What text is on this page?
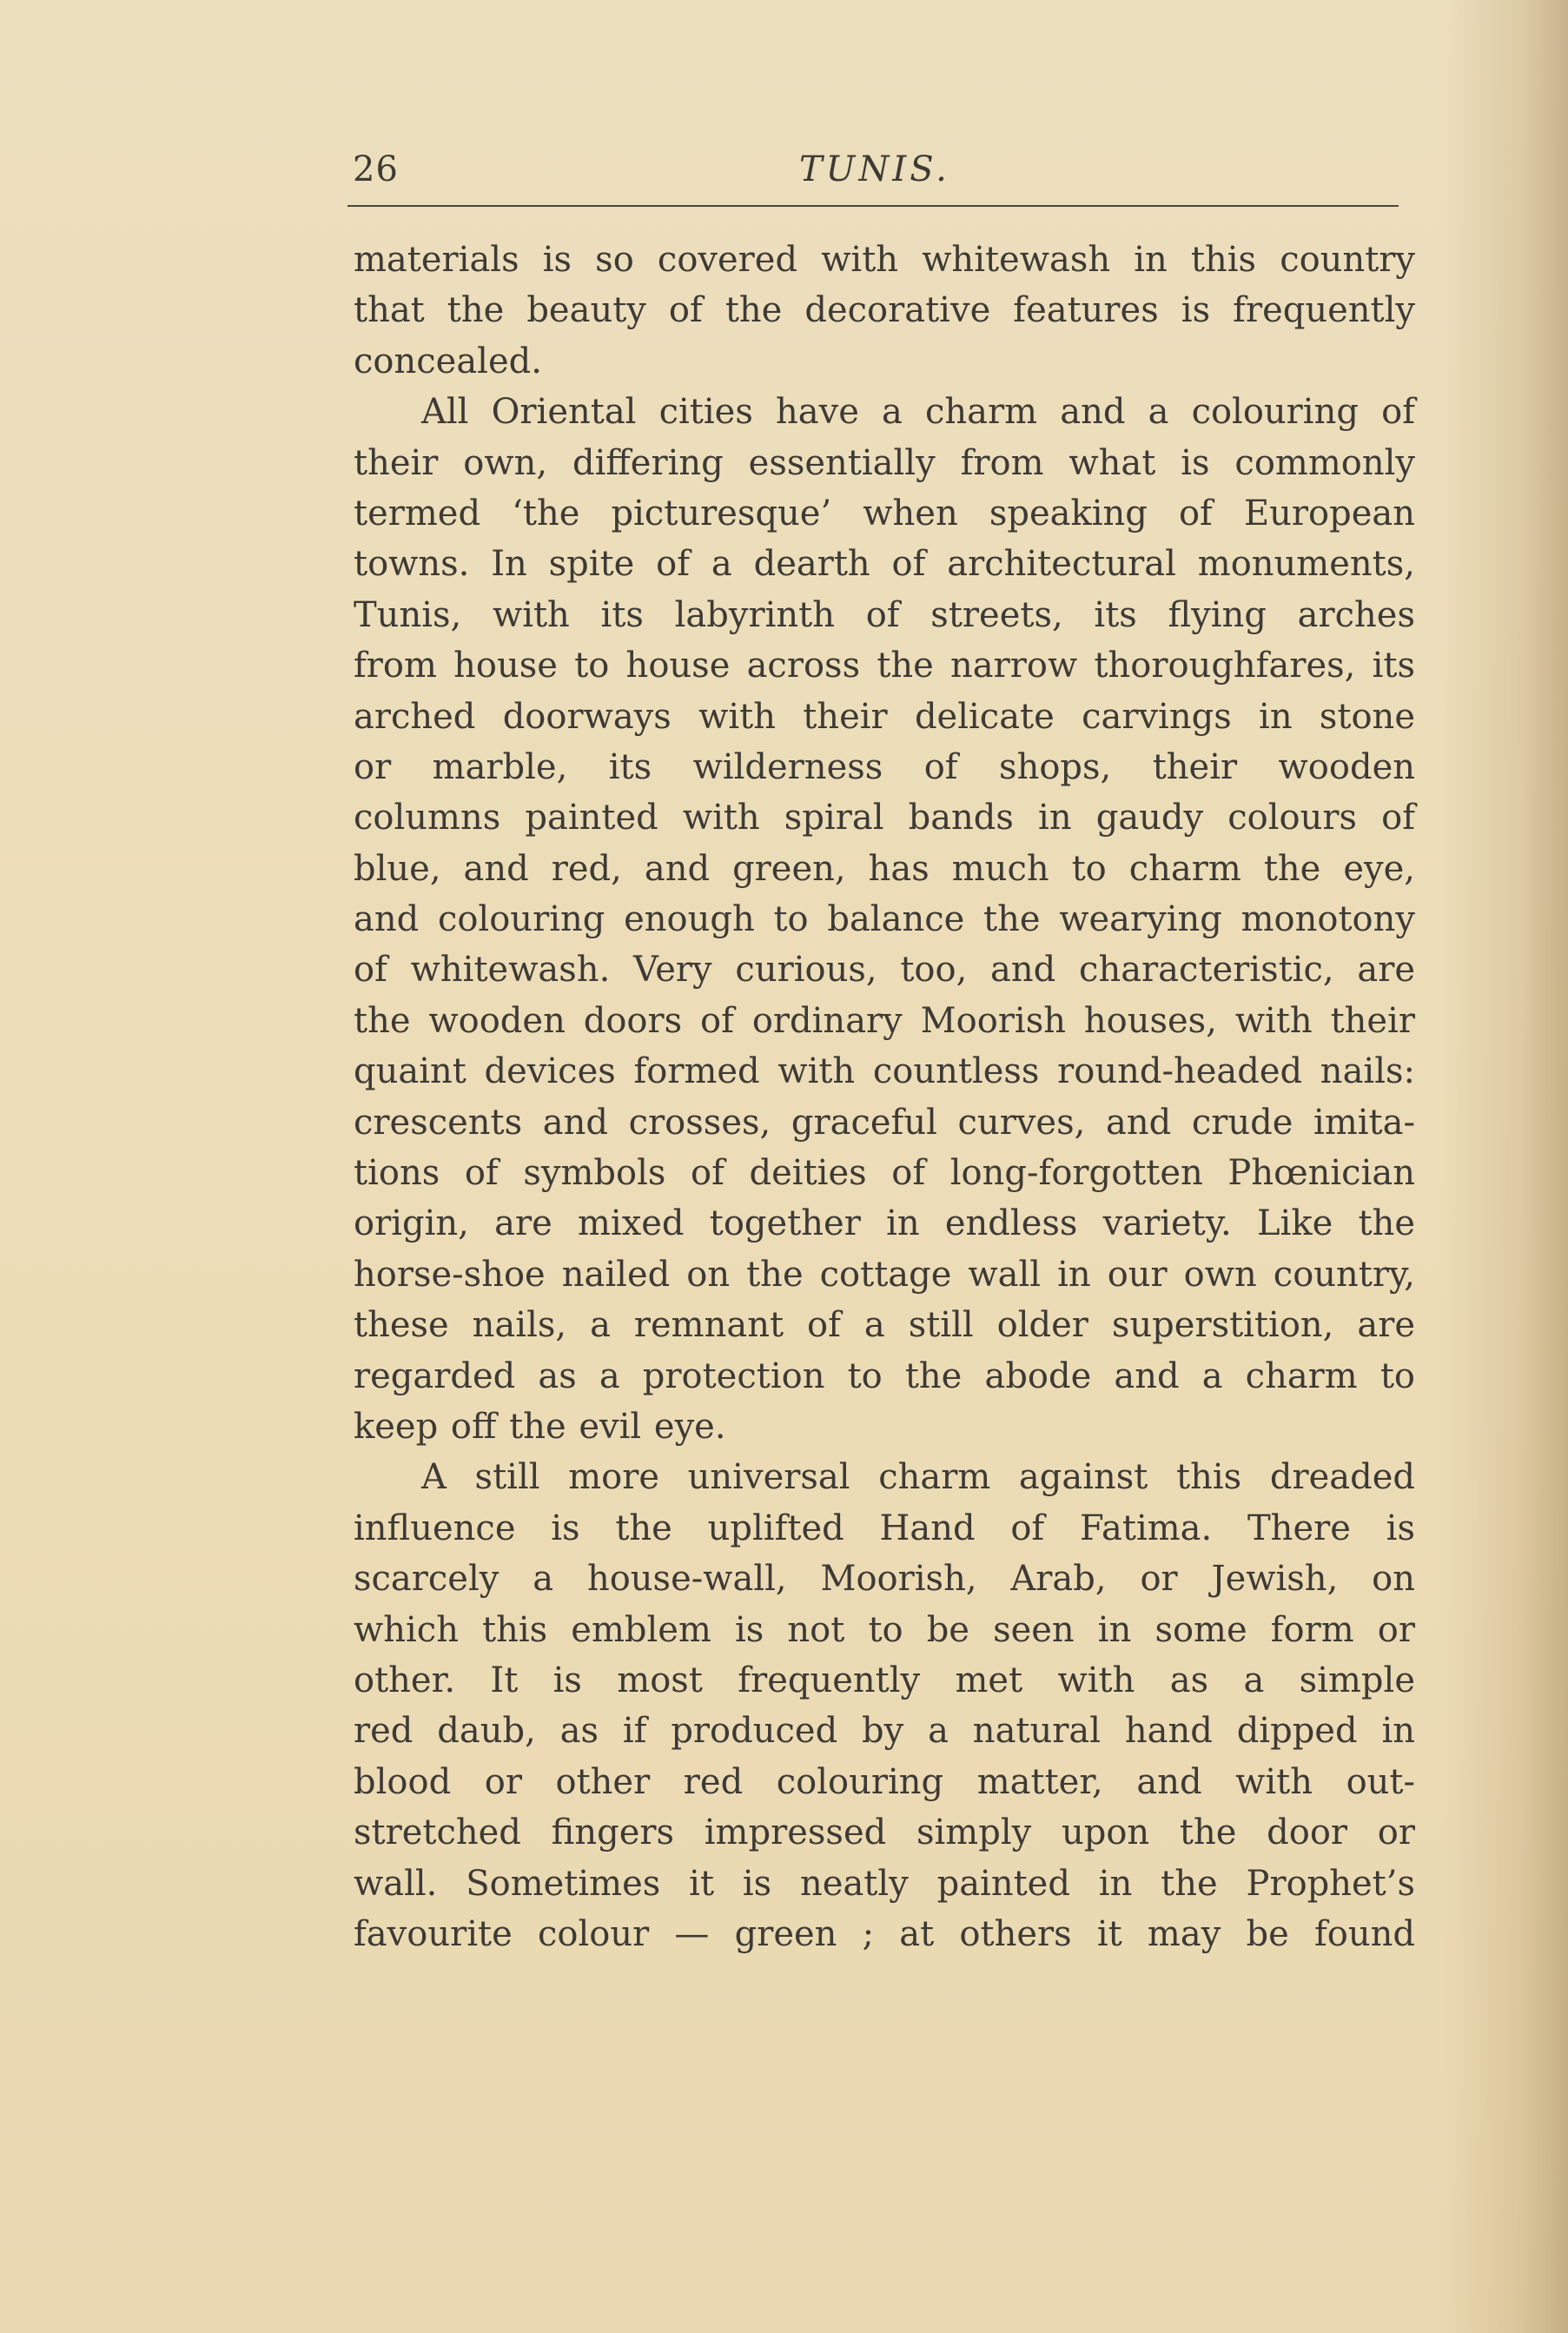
26	TUNIS.
materials is so covered with whitewash in this country
that the beauty of the decorative features is frequently
concealed.
All Oriental cities have a charm and a colouring of
their own, differing essentially from what is commonly
termed ‘the picturesque’ when speaking of European
towns. In spite of a dearth of architectural monuments,
Tunis, with its labyrinth of streets, its flying arches
from house to house across the narrow thoroughfares, its
arched doorways with their delicate carvings in stone
or marble, its wilderness of shops, their wooden
columns painted with spiral bands in gaudy colours of
blue, and red, and green, has much to charm the eye,
and colouring enough to balance the wearying monotony
of whitewash. Very curious, too, and characteristic, are
the wooden doors of ordinary Moorish houses, with their
quaint devices formed with countless round-headed nails:
crescents and crosses, graceful curves, and crude imita-
tions of symbols of deities of long-forgotten Phœnician
origin, are mixed together in endless variety. Like the
horse-shoe nailed on the cottage wall in our own country,
these nails, a remnant of a still older superstition, are
regarded as a protection to the abode and a charm to
keep off the evil eye.
A still more universal charm against this dreaded
influence is the uplifted Hand of Fatima. There is
scarcely a house-wall, Moorish, Arab, or Jewish, on
which this emblem is not to be seen in some form or
other. It is most frequently met with as a simple
red daub, as if produced by a natural hand dipped in
blood or other red colouring matter, and with out-
stretched fingers impressed simply upon the door or
wall. Sometimes it is neatly painted in the Prophet’s
favourite colour — green ; at others it may be found
